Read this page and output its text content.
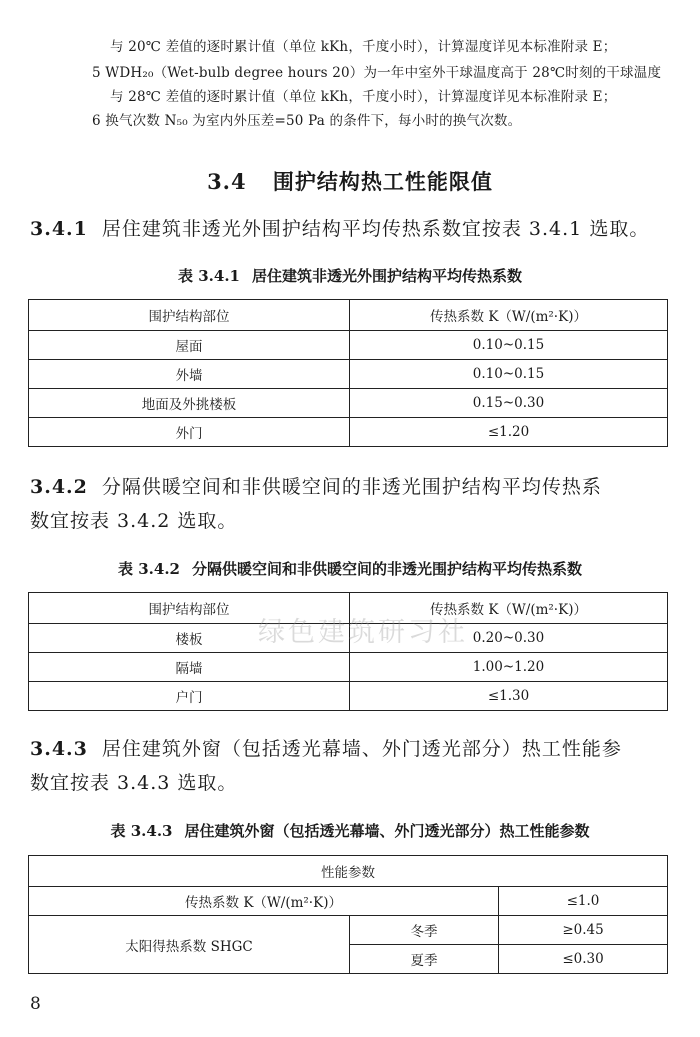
与 20℃ 差值的逐时累计值（单位 kKh，千度小时），计算湿度详见本标准附录 E；
5 WDH₂₀（Wet-bulb degree hours 20）为一年中室外干球温度高于 28℃时刻的干球温度
与 28℃ 差值的逐时累计值（单位 kKh，千度小时），计算湿度详见本标准附录 E；
6 换气次数 N₅₀ 为室内外压差=50 Pa 的条件下，每小时的换气次数。
3.4 围护结构热工性能限值
3.4.1 居住建筑非透光外围护结构平均传热系数宜按表 3.4.1 选取。
表 3.4.1 居住建筑非透光外围护结构平均传热系数
围护结构部位	传热系数 K（W/(m²·K)）
屋面	0.10~0.15
外墙	0.10~0.15
地面及外挑楼板	0.15~0.30
外门	≤1.20
3.4.2 分隔供暖空间和非供暖空间的非透光围护结构平均传热系
数宜按表 3.4.2 选取。
表 3.4.2 分隔供暖空间和非供暖空间的非透光围护结构平均传热系数
围护结构部位	传热系数 K（W/(m²·K)）
楼板	0.20~0.30
隔墙	1.00~1.20
户门	≤1.30
3.4.3 居住建筑外窗（包括透光幕墙、外门透光部分）热工性能参
数宜按表 3.4.3 选取。
表 3.4.3 居住建筑外窗（包括透光幕墙、外门透光部分）热工性能参数
性能参数		
传热系数 K（W/(m²·K)）		≤1.0
太阳得热系数 SHGC	冬季	≥0.45
	夏季	≤0.30
绿色建筑研习社
8
